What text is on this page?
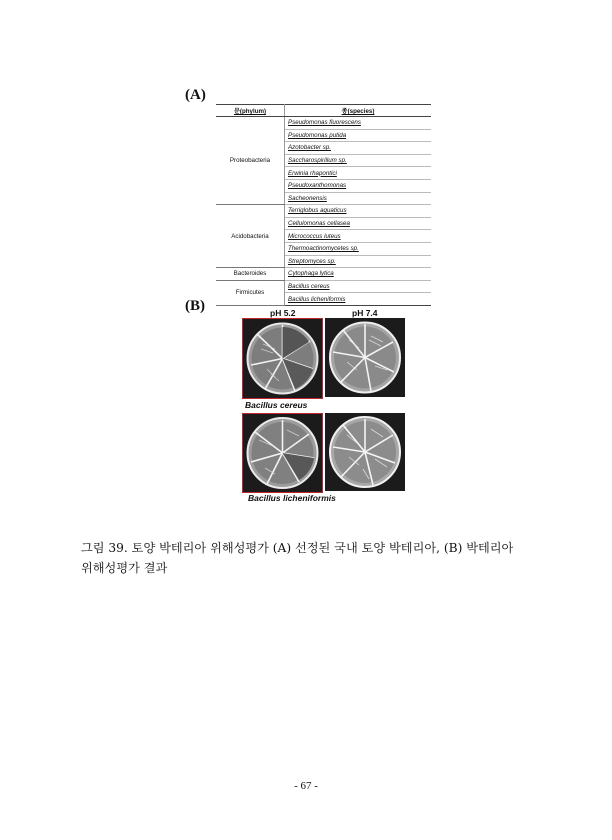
(A)
문(phylum)	종(species)
Proteobacteria	Pseudomonas fluorescens
	Pseudomonas putida
	Azotobacter sp.
	Saccharospirillum sp.
	Erwinia rhapontici
	Pseudoxanthomonas
	Sacheonensis
Acidobacteria	Terriglobus aquaticus
	Cellulomonas cellasea
	Micrococcus luteus
	Thermoactinomycetes sp.
	Streptomyces sp.
Bacteroides	Cytophaga lytica
Firmicutes	Bacillus cereus
	Bacillus licheniformis
(B)	pH 5.2	pH 7.4
Bacillus cereus
Bacillus licheniformis
그림 39. 토양 박테리아 위해성평가 (A) 선정된 국내 토양 박테리아, (B) 박테리아
위해성평가 결과
- 67 -
